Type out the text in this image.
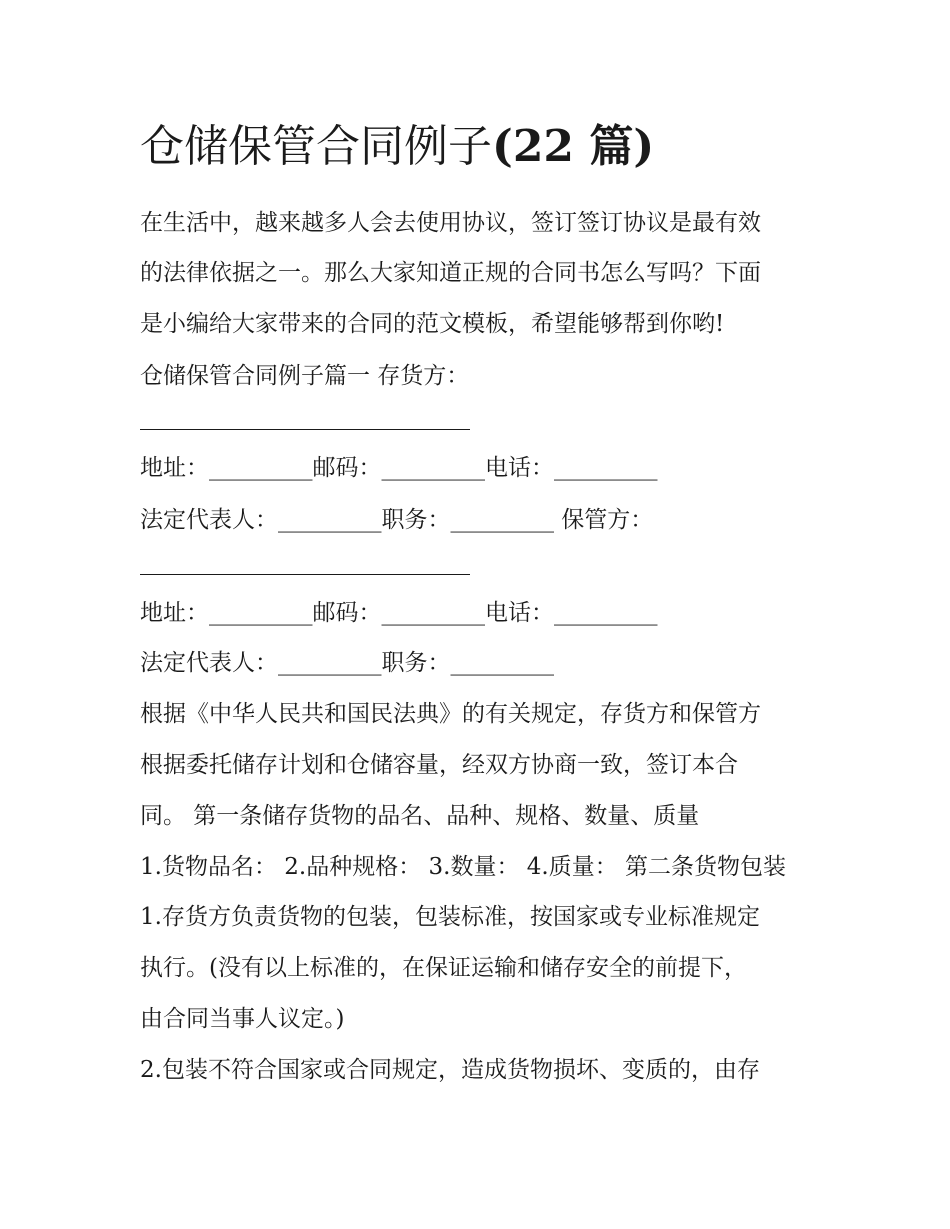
仓储保管合同例子(22 篇)

在生活中，越来越多人会去使用协议，签订签订协议是最有效

的法律依据之一。那么大家知道正规的合同书怎么写吗？下面

是小编给大家带来的合同的范文模板，希望能够帮到你哟!

仓储保管合同例子篇一 存货方：

地址：_________邮码：_________电话：_________

法定代表人：_________职务：_________ 保管方：

地址：_________邮码：_________电话：_________

法定代表人：_________职务：_________

根据《中华人民共和国民法典》的有关规定，存货方和保管方

根据委托储存计划和仓储容量，经双方协商一致，签订本合

同。 第一条储存货物的品名、品种、规格、数量、质量

1.货物品名： 2.品种规格： 3.数量： 4.质量： 第二条货物包装

1.存货方负责货物的包装，包装标准，按国家或专业标准规定

执行。(没有以上标准的，在保证运输和储存安全的前提下，

由合同当事人议定。)

2.包装不符合国家或合同规定，造成货物损坏、变质的，由存
